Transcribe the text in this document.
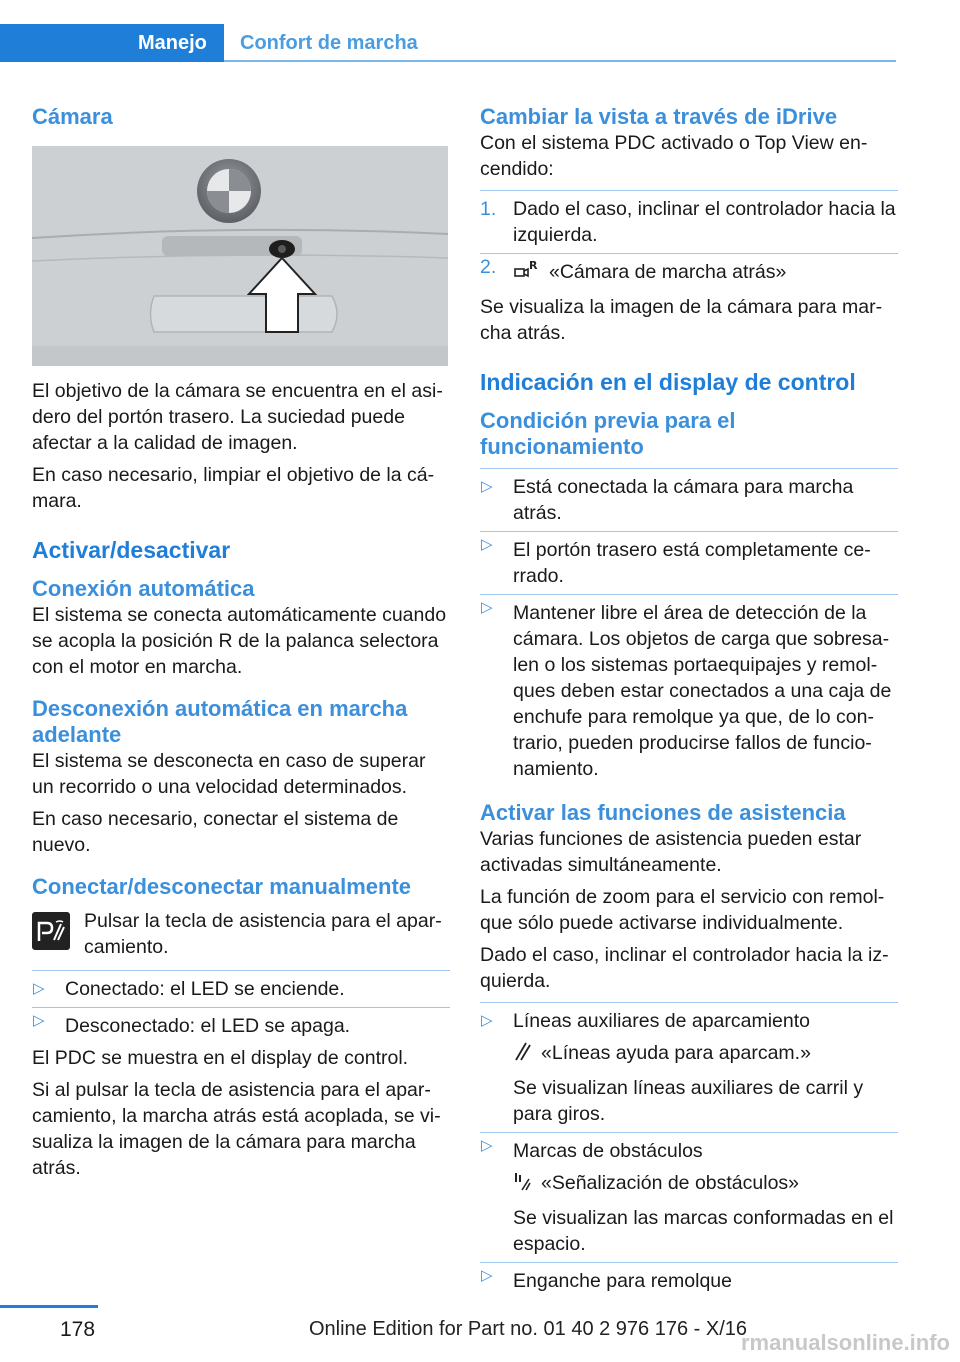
Manejo	Confort de marcha
Cámara

El objetivo de la cámara se encuentra en el asidero del portón trasero. La suciedad puede afectar a la calidad de imagen.

En caso necesario, limpiar el objetivo de la cámara.

Activar/desactivar
Conexión automática

El sistema se conecta automáticamente cuando se acopla la posición R de la palanca selectora con el motor en marcha.

Desconexión automática en marcha adelante

El sistema se desconecta en caso de superar un recorrido o una velocidad determinados.

En caso necesario, conectar el sistema de nuevo.

Conectar/desconectar manualmente

Pulsar la tecla de asistencia para el aparcamiento.

▷ Conectado: el LED se enciende.
▷ Desconectado: el LED se apaga.

El PDC se muestra en el display de control.

Si al pulsar la tecla de asistencia para el aparcamiento, la marcha atrás está acoplada, se visualiza la imagen de la cámara para marcha atrás.

Cambiar la vista a través de iDrive

Con el sistema PDC activado o Top View encendido:

1. Dado el caso, inclinar el controlador hacia la izquierda.
2.	R «Cámara de marcha atrás»

Se visualiza la imagen de la cámara para marcha atrás.

Indicación en el display de control
Condición previa para el funcionamiento
▷ Está conectada la cámara para marcha atrás.
▷ El portón trasero está completamente cerrado.
▷ Mantener libre el área de detección de la cámara. Los objetos de carga que sobresalen o los sistemas portaequipajes y remolques deben estar conectados a una caja de enchufe para remolque ya que, de lo contrario, pueden producirse fallos de funcionamiento.
Activar las funciones de asistencia

Varias funciones de asistencia pueden estar activadas simultáneamente.

La función de zoom para el servicio con remolque sólo puede activarse individualmente.

Dado el caso, inclinar el controlador hacia la izquierda.

▷ Líneas auxiliares de aparcamiento
«Líneas ayuda para aparcam.»
Se visualizan líneas auxiliares de carril y para giros.
▷ Marcas de obstáculos
«Señalización de obstáculos»
Se visualizan las marcas conformadas en el espacio.
▷ Enganche para remolque
178	Online Edition for Part no. 01 40 2 976 176 - X/16
rmanualsonline.info
